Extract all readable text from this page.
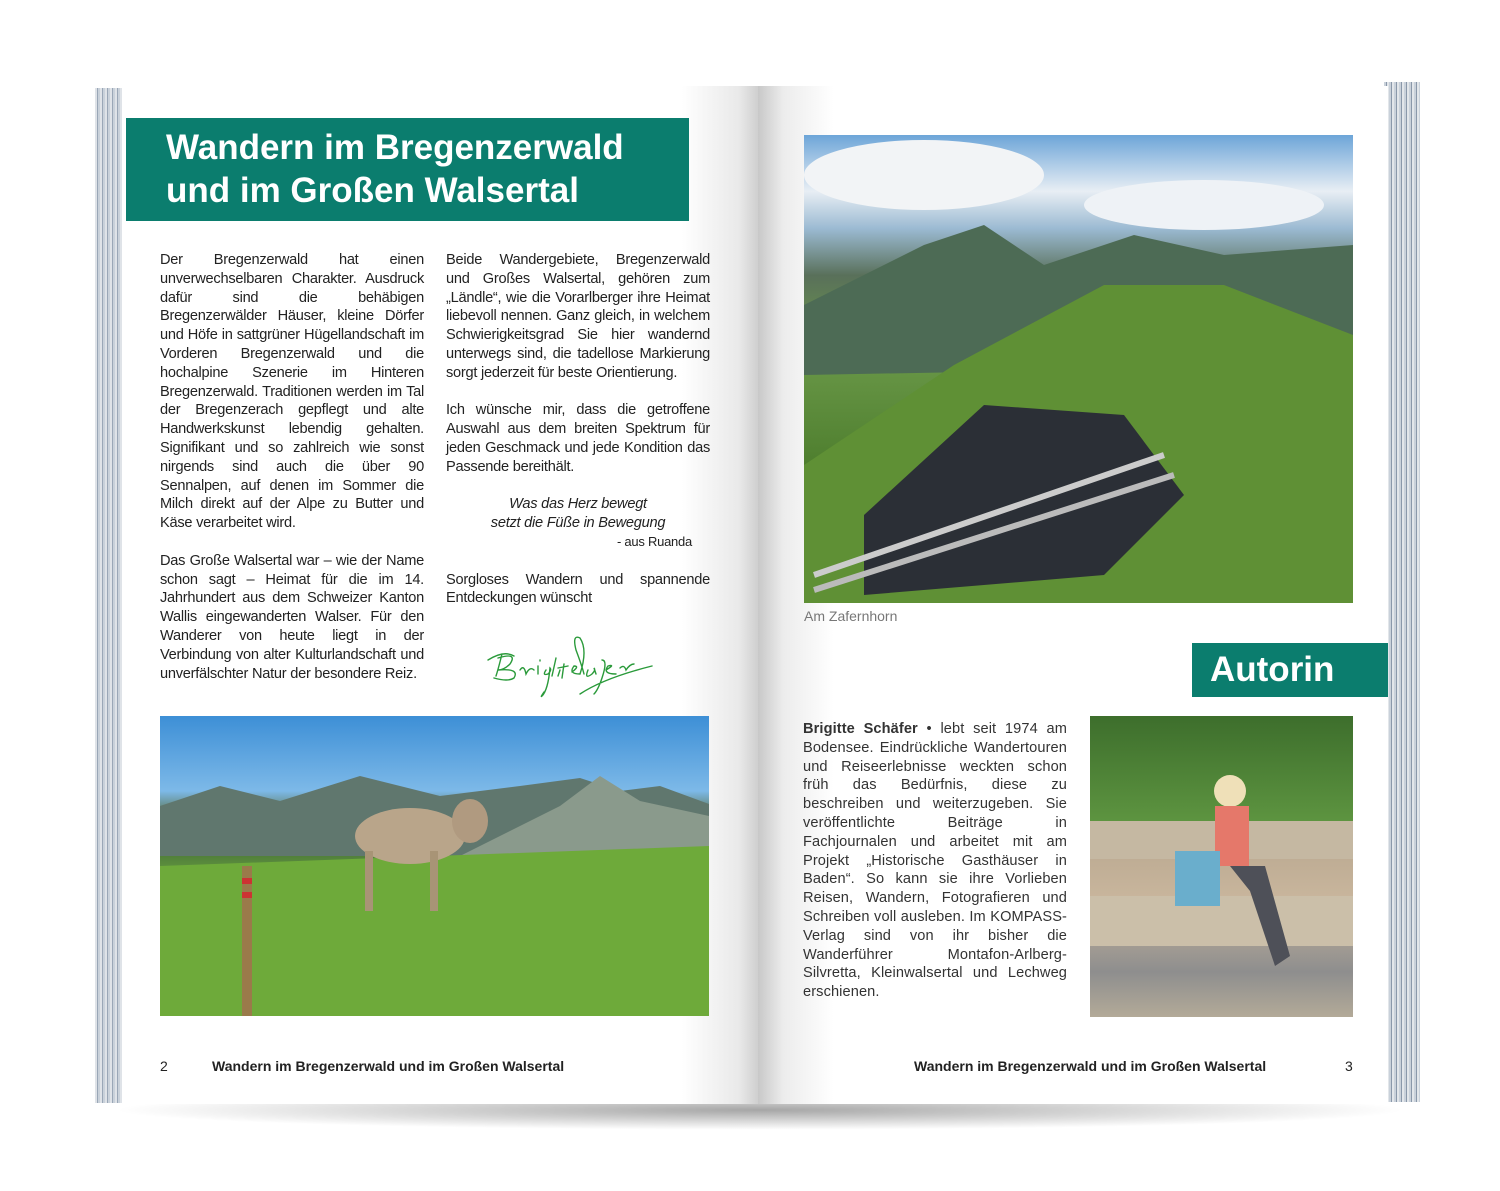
Wandern im Bregenzerwald
und im Großen Walsertal

Der Bregenzerwald hat einen unverwechselbaren Charakter. Ausdruck dafür sind die behäbigen Bregenzerwälder Häuser, kleine Dörfer und Höfe in sattgrüner Hügellandschaft im Vorderen Bregenzerwald und die hochalpine Szenerie im Hinteren Bregenzerwald. Traditionen werden im Tal der Bregenzerach gepflegt und alte Handwerkskunst lebendig gehalten. Signifikant und so zahlreich wie sonst nirgends sind auch die über 90 Sennalpen, auf denen im Sommer die Milch direkt auf der Alpe zu Butter und Käse verarbeitet wird.

Das Große Walsertal war – wie der Name schon sagt – Heimat für die im 14. Jahrhundert aus dem Schweizer Kanton Wallis eingewanderten Walser. Für den Wanderer von heute liegt in der Verbindung von alter Kulturlandschaft und unverfälschter Natur der besondere Reiz.

Beide Wandergebiete, Bregenzerwald und Großes Walsertal, gehören zum „Ländle“, wie die Vorarlberger ihre Heimat liebevoll nennen. Ganz gleich, in welchem Schwierigkeitsgrad Sie hier wandernd unterwegs sind, die tadellose Markierung sorgt jederzeit für beste Orientierung.

Ich wünsche mir, dass die getroffene Auswahl aus dem breiten Spektrum für jeden Geschmack und jede Kondition das Passende bereithält.

Was das Herz bewegt
setzt die Füße in Bewegung
- aus Ruanda

Sorgloses Wandern und spannende Entdeckungen wünscht

Wandern im Bregenzerwald und im Großen Walsertal
2
Am Zafernhorn
Autorin
Brigitte Schäfer • lebt seit 1974 am Bodensee. Eindrückliche Wandertouren und Reiseerlebnisse weckten schon früh das Bedürfnis, diese zu beschreiben und weiterzugeben. Sie veröffentlichte Beiträge in Fachjournalen und arbeitet mit am Projekt „Historische Gasthäuser in Baden“. So kann sie ihre Vorlieben Reisen, Wandern, Fotografieren und Schreiben voll ausleben. Im KOMPASS-Verlag sind von ihr bisher die Wanderführer Montafon-Arlberg-Silvretta, Kleinwalsertal und Lechweg erschienen.
Wandern im Bregenzerwald und im Großen Walsertal	3
